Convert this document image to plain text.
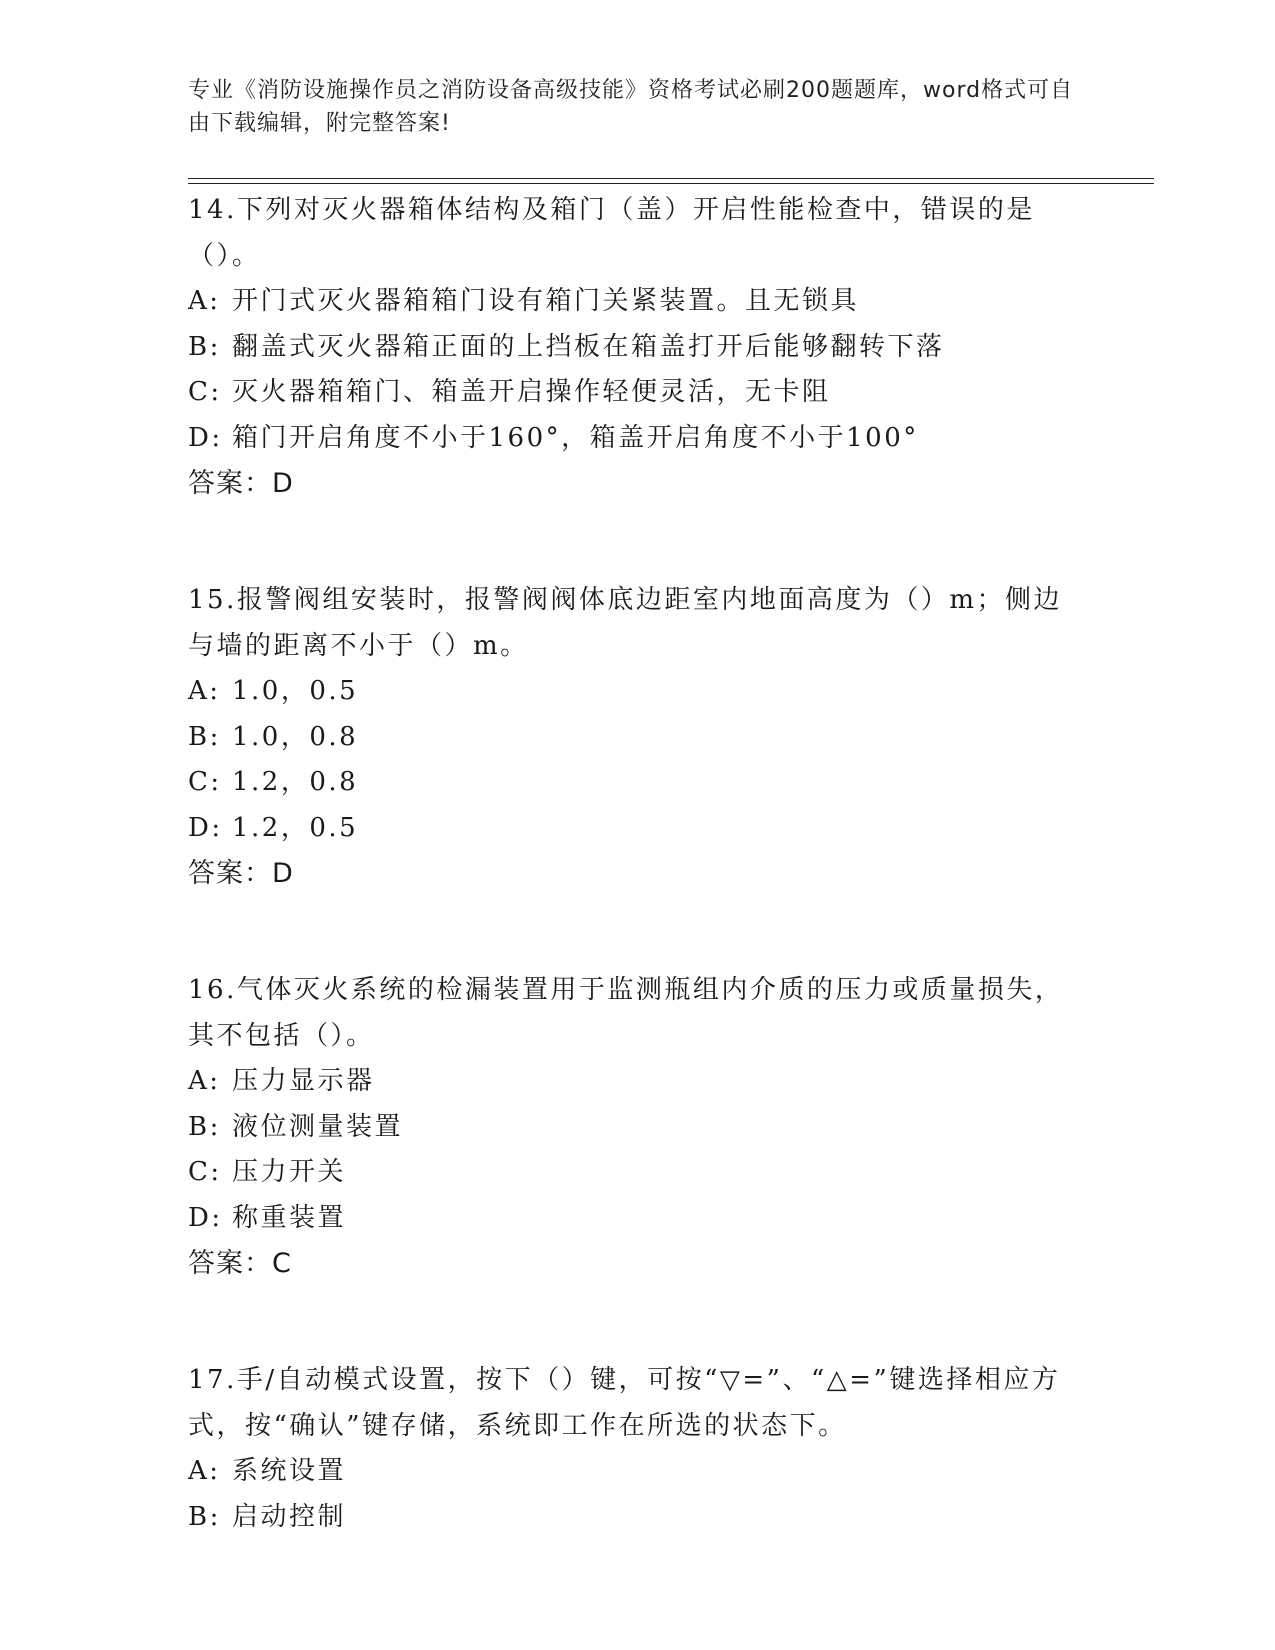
专业《消防设施操作员之消防设备高级技能》资格考试必刷200题题库，word格式可自由下载编辑，附完整答案!
14.下列对灭火器箱体结构及箱门（盖）开启性能检查中，错误的是（）。
A: 开门式灭火器箱箱门设有箱门关紧装置。且无锁具
B: 翻盖式灭火器箱正面的上挡板在箱盖打开后能够翻转下落
C: 灭火器箱箱门、箱盖开启操作轻便灵活，无卡阻
D: 箱门开启角度不小于160°，箱盖开启角度不小于100°
答案：D
15.报警阀组安装时，报警阀阀体底边距室内地面高度为（）m；侧边与墙的距离不小于（）m。
A: 1.0，0.5
B: 1.0，0.8
C: 1.2，0.8
D: 1.2，0.5
答案：D
16.气体灭火系统的检漏装置用于监测瓶组内介质的压力或质量损失，其不包括（）。
A: 压力显示器
B: 液位测量装置
C: 压力开关
D: 称重装置
答案：C
17.手/自动模式设置，按下（）键，可按“▽=”、“△=”键选择相应方式，按“确认”键存储，系统即工作在所选的状态下。
A: 系统设置
B: 启动控制
